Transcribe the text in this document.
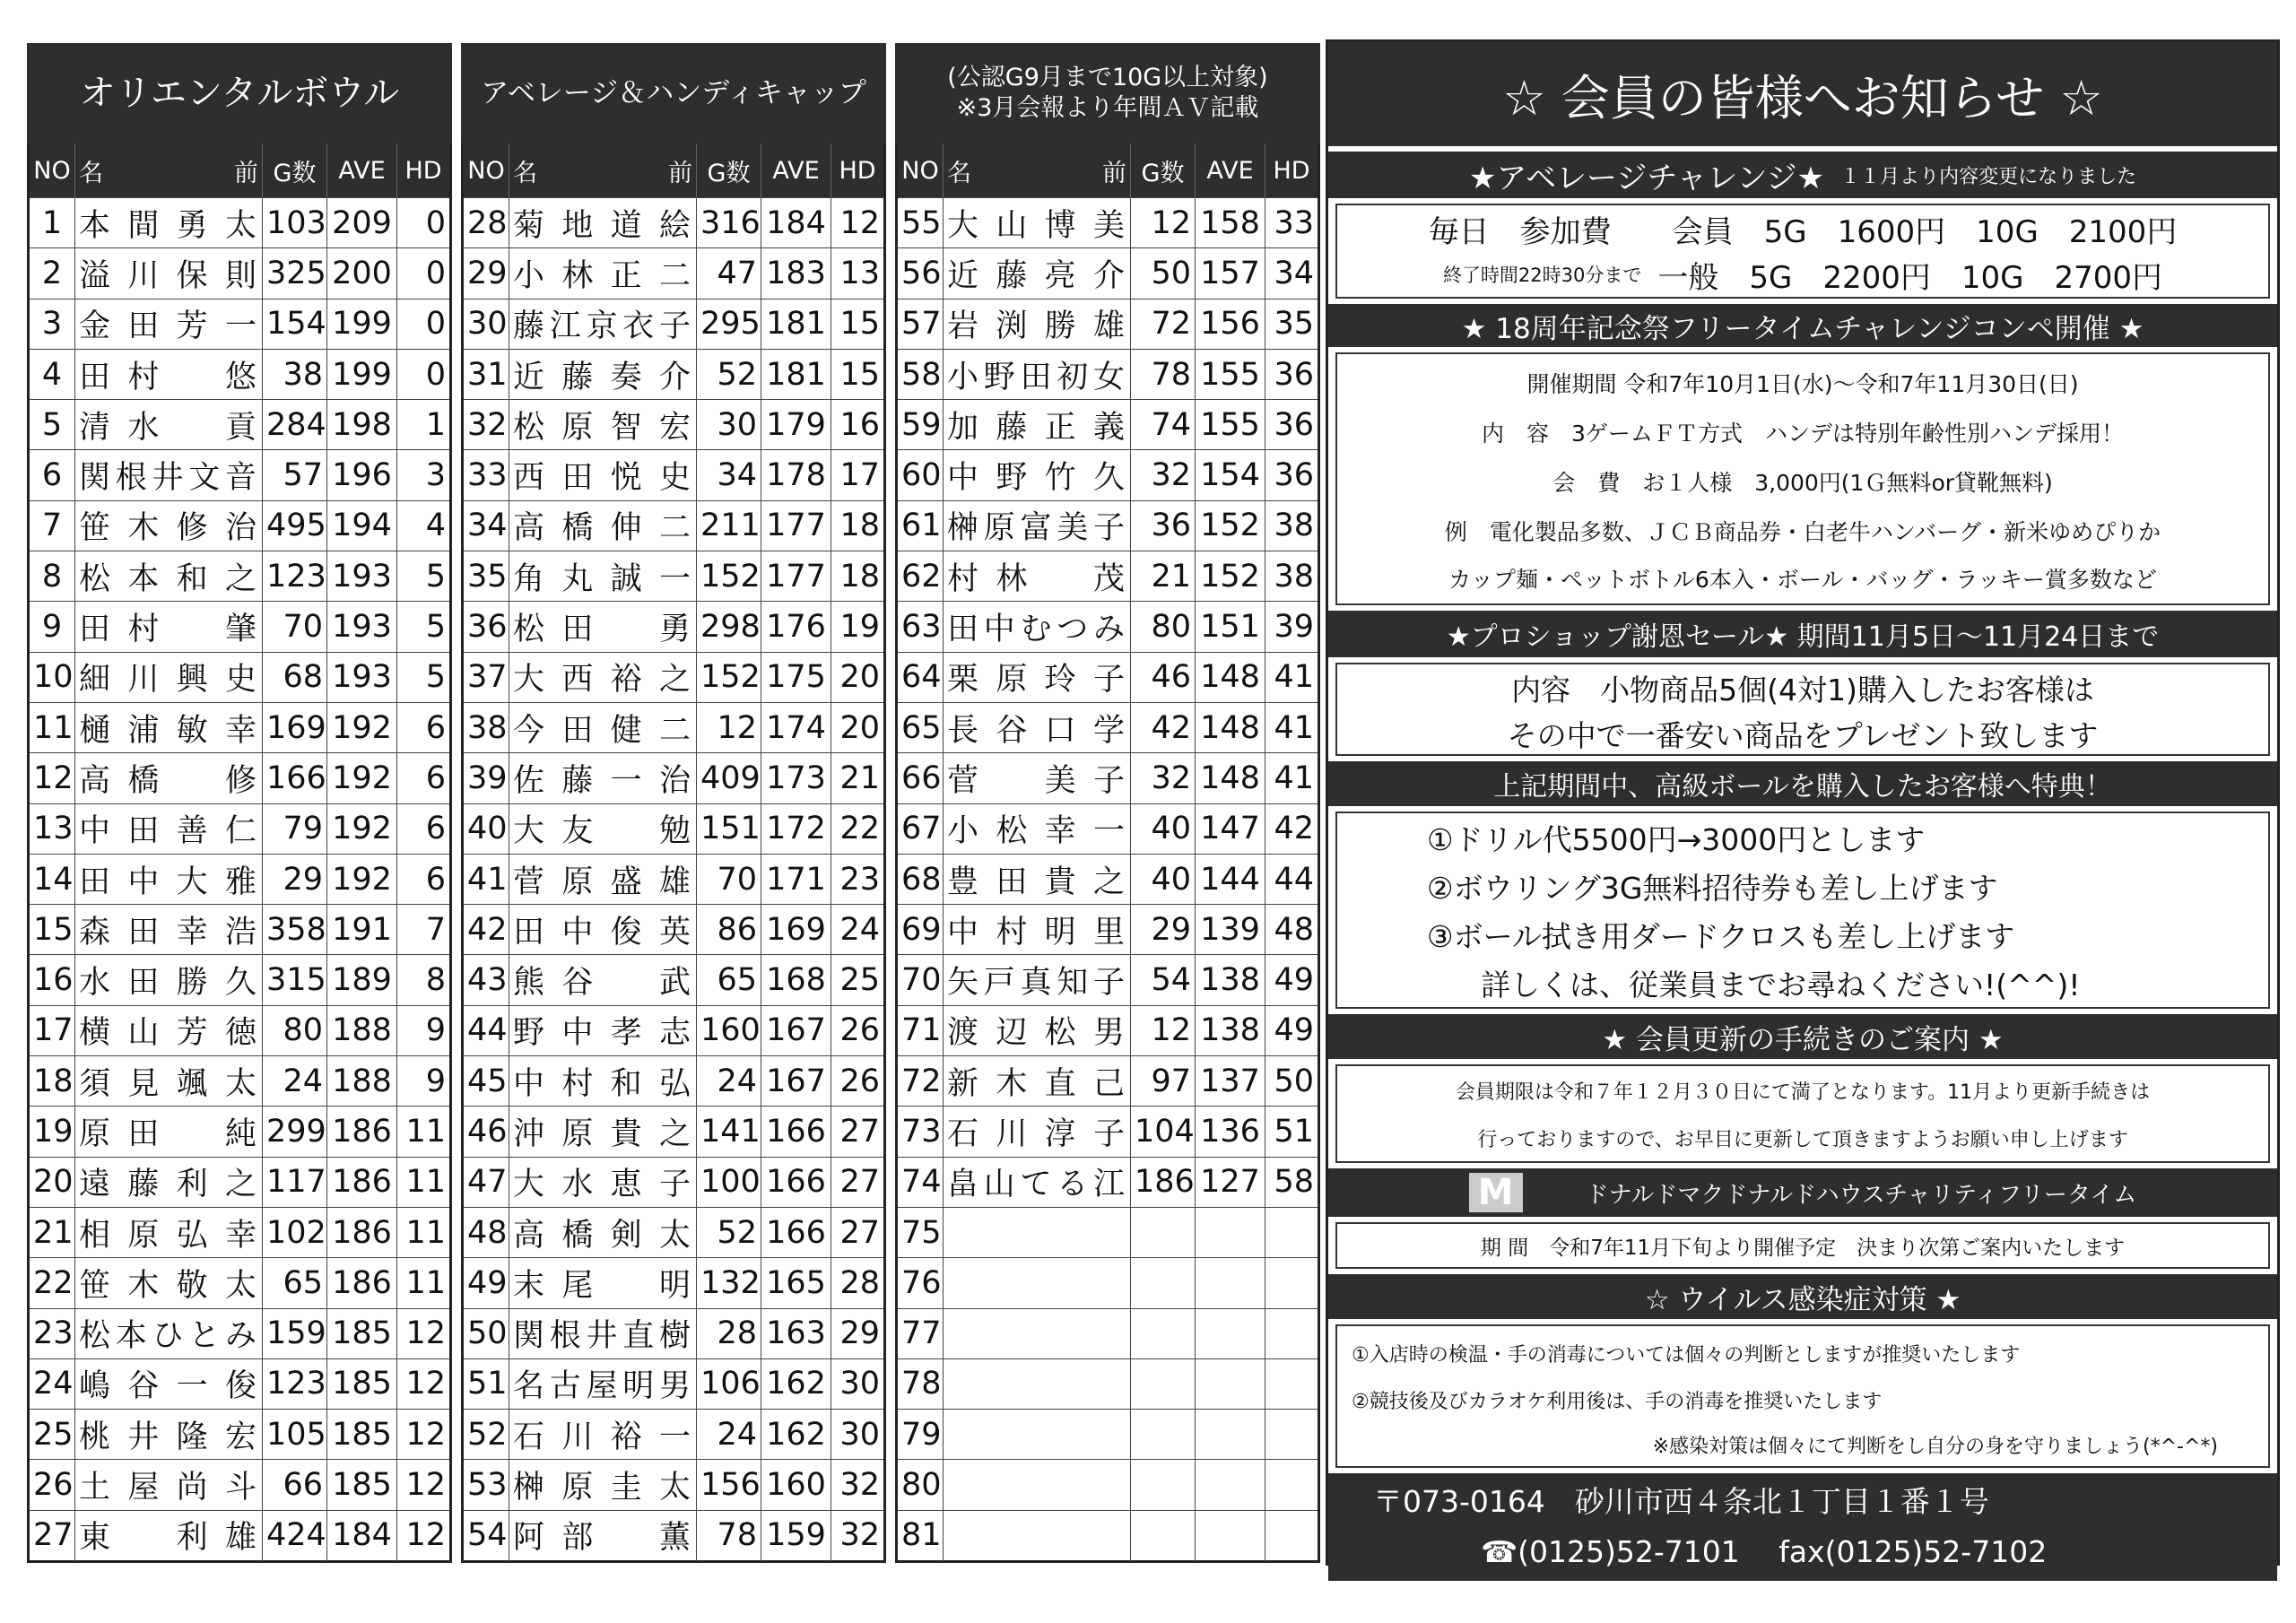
オリエンタルボウル
NO	名 前	G数	AVE	HD
1	本間勇太	103	209	0
2	溢川保則	325	200	0
3	金田芳一	154	199	0
4	田村　悠	38	199	0
5	清水　貢	284	198	1
6	関根井文音	57	196	3
7	笹木修治	495	194	4
8	松本和之	123	193	5
9	田村　肇	70	193	5
10	細川興史	68	193	5
11	樋浦敏幸	169	192	6
12	高橋　修	166	192	6
13	中田善仁	79	192	6
14	田中大雅	29	192	6
15	森田幸浩	358	191	7
16	水田勝久	315	189	8
17	横山芳徳	80	188	9
18	須見颯太	24	188	9
19	原田　純	299	186	11
20	遠藤利之	117	186	11
21	相原弘幸	102	186	11
22	笹木敬太	65	186	11
23	松本ひとみ	159	185	12
24	嶋谷一俊	123	185	12
25	桃井隆宏	105	185	12
26	土屋尚斗	66	185	12
27	東　利雄	424	184	12
アベレージ＆ハンディキャップ
NO	名 前	G数	AVE	HD
28	菊地道絵	316	184	12
29	小林正二	47	183	13
30	藤江京衣子	295	181	15
31	近藤奏介	52	181	15
32	松原智宏	30	179	16
33	西田悦史	34	178	17
34	高橋伸二	211	177	18
35	角丸誠一	152	177	18
36	松田　勇	298	176	19
37	大西裕之	152	175	20
38	今田健二	12	174	20
39	佐藤一治	409	173	21
40	大友　勉	151	172	22
41	菅原盛雄	70	171	23
42	田中俊英	86	169	24
43	熊谷　武	65	168	25
44	野中孝志	160	167	26
45	中村和弘	24	167	26
46	沖原貴之	141	166	27
47	大水恵子	100	166	27
48	高橋剣太	52	166	27
49	末尾　明	132	165	28
50	関根井直樹	28	163	29
51	名古屋明男	106	162	30
52	石川裕一	24	162	30
53	榊原圭太	156	160	32
54	阿部　薫	78	159	32
(公認G9月まで10G以上対象)
※3月会報より年間ＡＶ記載
NO	名 前	G数	AVE	HD
55	大山博美	12	158	33
56	近藤亮介	50	157	34
57	岩渕勝雄	72	156	35
58	小野田初女	78	155	36
59	加藤正義	74	155	36
60	中野竹久	32	154	36
61	榊原富美子	36	152	38
62	村林　茂	21	152	38
63	田中むつみ	80	151	39
64	栗原玲子	46	148	41
65	長谷口学	42	148	41
66	菅　美子	32	148	41
67	小松幸一	40	147	42
68	豊田貴之	40	144	44
69	中村明里	29	139	48
70	矢戸真知子	54	138	49
71	渡辺松男	12	138	49
72	新木直己	97	137	50
73	石川淳子	104	136	51
74	畠山てる江	186	127	58
75				
76				
77				
78				
79				
80				
81				
☆ 会員の皆様へお知らせ ☆
★アベレージチャレンジ★ １１月より内容変更になりました
毎日　参加費　　会員　5G　1600円　10G　2100円
終了時間22時30分まで 一般　5G　2200円　10G　2700円
★ 18周年記念祭フリータイムチャレンジコンペ開催 ★
開催期間 令和7年10月1日(水)～令和7年11月30日(日)
内　容　3ゲームＦＴ方式　ハンデは特別年齢性別ハンデ採用！
会　費　お１人様　3,000円(1Ｇ無料or貸靴無料)
例　電化製品多数、ＪＣＢ商品券・白老牛ハンバーグ・新米ゆめぴりか
カップ麺・ペットボトル6本入・ボール・バッグ・ラッキー賞多数など
★プロショップ謝恩セール★ 期間11月5日～11月24日まで
内容　小物商品5個(4対1)購入したお客様は
その中で一番安い商品をプレゼント致します
上記期間中、高級ボールを購入したお客様へ特典！
①ドリル代5500円→3000円とします
②ボウリング3G無料招待券も差し上げます
③ボール拭き用ダードクロスも差し上げます
詳しくは、従業員までお尋ねください!(^^)!
★ 会員更新の手続きのご案内 ★
会員期限は令和７年１２月３０日にて満了となります。11月より更新手続きは
行っておりますので、お早目に更新して頂きますようお願い申し上げます
M	ドナルドマクドナルドハウスチャリティフリータイム
期 間　令和7年11月下旬より開催予定　決まり次第ご案内いたします
☆ ウイルス感染症対策 ★
①入店時の検温・手の消毒については個々の判断としますが推奨いたします
②競技後及びカラオケ利用後は、手の消毒を推奨いたします
※感染対策は個々にて判断をし自分の身を守りましょう(*^-^*)
〒073-0164　砂川市西４条北１丁目１番１号
☎(0125)52-7101　 fax(0125)52-7102
